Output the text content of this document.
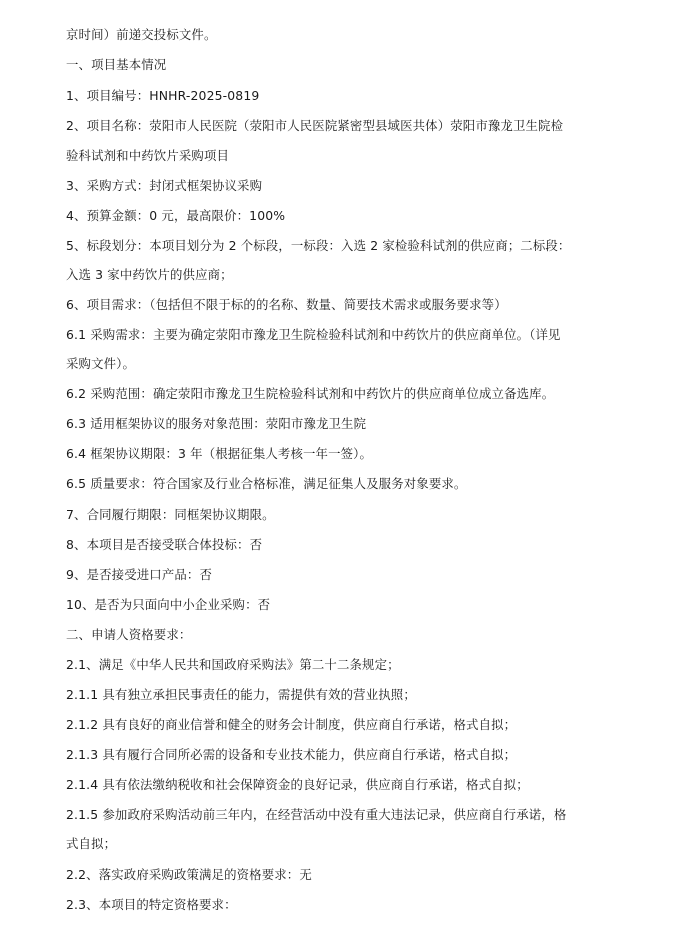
京时间）前递交投标文件。
一、项目基本情况
1、项目编号：HNHR-2025-0819
2、项目名称：荥阳市人民医院（荥阳市人民医院紧密型县域医共体）荥阳市豫龙卫生院检
验科试剂和中药饮片采购项目
3、采购方式：封闭式框架协议采购
4、预算金额：0 元，最高限价：100%
5、标段划分：本项目划分为 2 个标段，一标段：入选 2 家检验科试剂的供应商；二标段：
入选 3 家中药饮片的供应商；
6、项目需求：（包括但不限于标的的名称、数量、简要技术需求或服务要求等）
6.1 采购需求：主要为确定荥阳市豫龙卫生院检验科试剂和中药饮片的供应商单位。（详见
采购文件）。
6.2 采购范围：确定荥阳市豫龙卫生院检验科试剂和中药饮片的供应商单位成立备选库。
6.3 适用框架协议的服务对象范围：荥阳市豫龙卫生院
6.4 框架协议期限：3 年（根据征集人考核一年一签）。
6.5 质量要求：符合国家及行业合格标准，满足征集人及服务对象要求。
7、合同履行期限：同框架协议期限。
8、本项目是否接受联合体投标：否
9、是否接受进口产品：否
10、是否为只面向中小企业采购：否
二、申请人资格要求：
2.1、满足《中华人民共和国政府采购法》第二十二条规定；
2.1.1 具有独立承担民事责任的能力，需提供有效的营业执照；
2.1.2 具有良好的商业信誉和健全的财务会计制度，供应商自行承诺，格式自拟；
2.1.3 具有履行合同所必需的设备和专业技术能力，供应商自行承诺，格式自拟；
2.1.4 具有依法缴纳税收和社会保障资金的良好记录，供应商自行承诺，格式自拟；
2.1.5 参加政府采购活动前三年内，在经营活动中没有重大违法记录，供应商自行承诺，格
式自拟；
2.2、落实政府采购政策满足的资格要求：无
2.3、本项目的特定资格要求：
